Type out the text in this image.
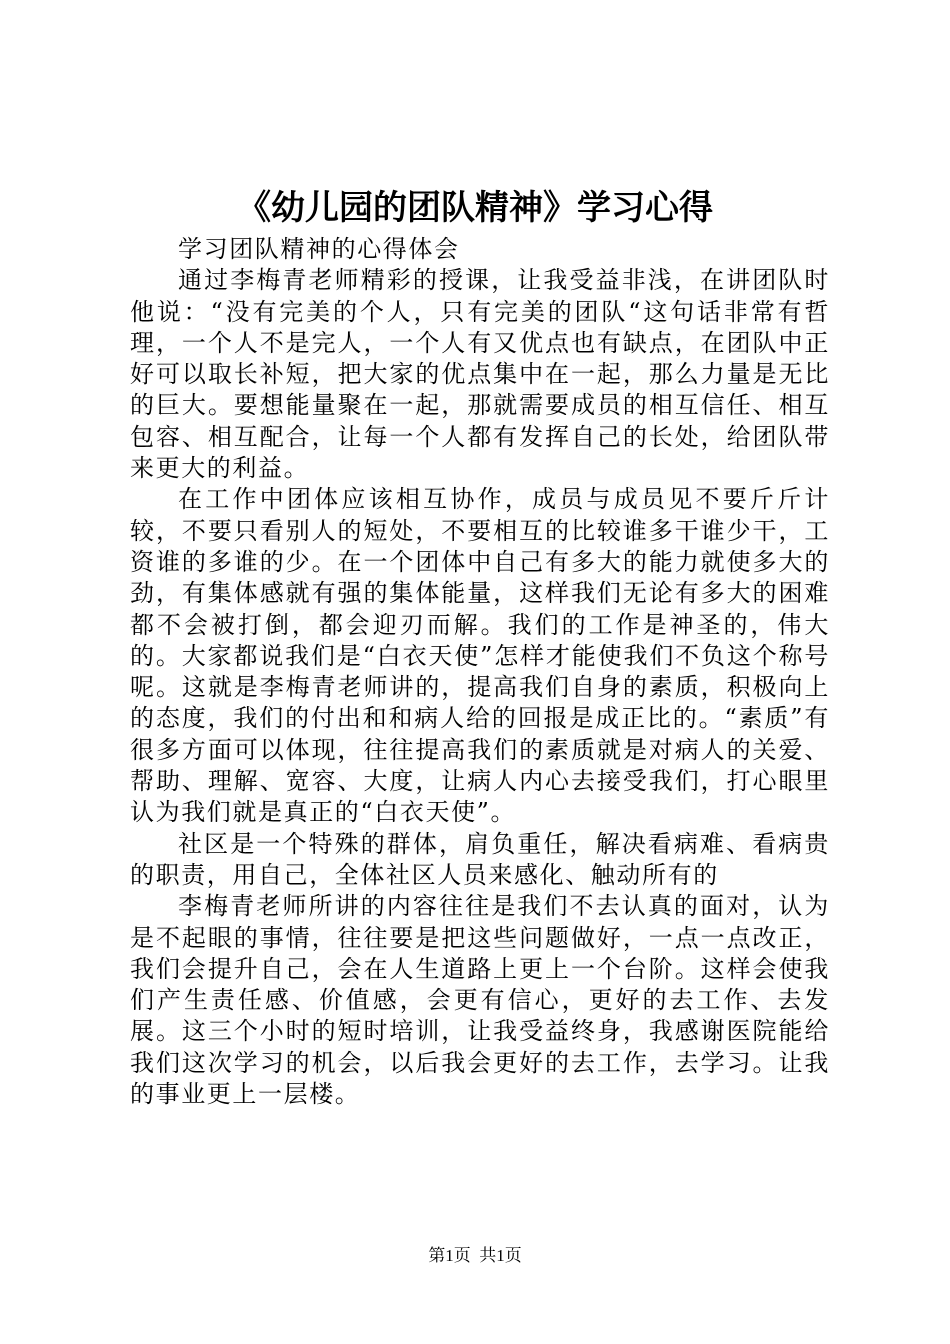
《幼儿园的团队精神》学习心得

学习团队精神的心得体会

通过李梅青老师精彩的授课，让我受益非浅，在讲团队时他说：“没有完美的个人，只有完美的团队“这句话非常有哲理，一个人不是完人，一个人有又优点也有缺点，在团队中正好可以取长补短，把大家的优点集中在一起，那么力量是无比的巨大。要想能量聚在一起，那就需要成员的相互信任、相互包容、相互配合，让每一个人都有发挥自己的长处，给团队带来更大的利益。

在工作中团体应该相互协作，成员与成员见不要斤斤计较，不要只看别人的短处，不要相互的比较谁多干谁少干，工资谁的多谁的少。在一个团体中自己有多大的能力就使多大的劲，有集体感就有强的集体能量，这样我们无论有多大的困难都不会被打倒，都会迎刃而解。我们的工作是神圣的，伟大的。大家都说我们是“白衣天使”怎样才能使我们不负这个称号呢。这就是李梅青老师讲的，提高我们自身的素质，积极向上的态度，我们的付出和和病人给的回报是成正比的。“素质”有很多方面可以体现，往往提高我们的素质就是对病人的关爱、帮助、理解、宽容、大度，让病人内心去接受我们，打心眼里认为我们就是真正的“白衣天使”。

社区是一个特殊的群体，肩负重任，解决看病难、看病贵的职责，用自己，全体社区人员来感化、触动所有的

李梅青老师所讲的内容往往是我们不去认真的面对，认为是不起眼的事情，往往要是把这些问题做好，一点一点改正，我们会提升自己，会在人生道路上更上一个台阶。这样会使我们产生责任感、价值感，会更有信心，更好的去工作、去发展。这三个小时的短时培训，让我受益终身，我感谢医院能给我们这次学习的机会，以后我会更好的去工作，去学习。让我的事业更上一层楼。

第1页  共1页
